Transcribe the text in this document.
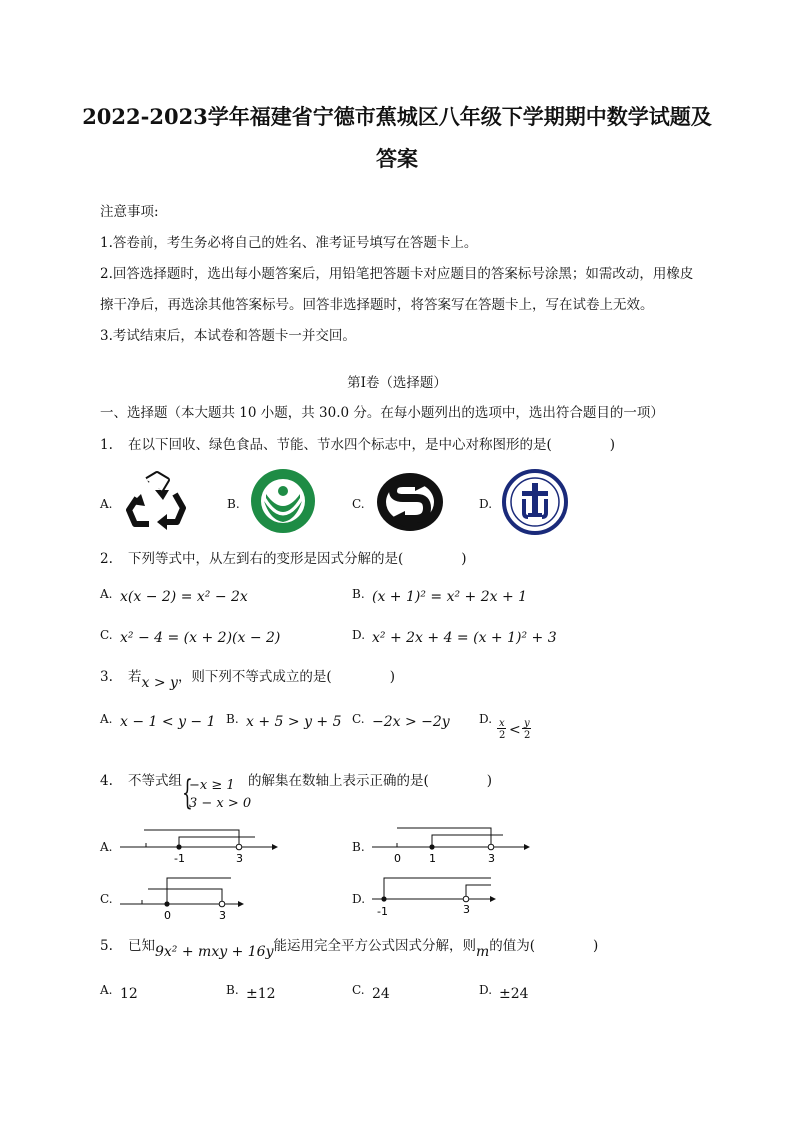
2022-2023学年福建省宁德市蕉城区八年级下学期期中数学试题及
答案
注意事项:
1.答卷前，考生务必将自己的姓名、准考证号填写在答题卡上。
2.回答选择题时，选出每小题答案后，用铅笔把答题卡对应题目的答案标号涂黑；如需改动，用橡皮
擦干净后，再选涂其他答案标号。回答非选择题时，将答案写在答题卡上，写在试卷上无效。
3.考试结束后，本试卷和答题卡一并交回。
第Ⅰ卷（选择题）
一、选择题（本大题共 10 小题，共 30.0 分。在每小题列出的选项中，选出符合题目的一项）
1. 在以下回收、绿色食品、节能、节水四个标志中，是中心对称图形的是(	)
A.	B.	C.	D.
2. 下列等式中，从左到右的变形是因式分解的是(	)
A. x(x − 2) = x² − 2x	B. (x + 1)² = x² + 2x + 1
C. x² − 4 = (x + 2)(x − 2)	D. x² + 2x + 4 = (x + 1)² + 3
3. 若x > y，则下列不等式成立的是(	)
A. x − 1 < y − 1 B. x + 5 > y + 5 C. −2x > −2y D. x
2 < y
2
4. 不等式组 {
−x ≥ 1
3 − x > 0
的解集在数轴上表示正确的是(	)
A.
-1	3
B.
0	1	3
C.
0	3
D.
-1	3
5. 已知9x² + mxy + 16y能运用完全平方公式因式分解，则m的值为(	)
A. 12	B. ±12	C. 24	D. ±24
